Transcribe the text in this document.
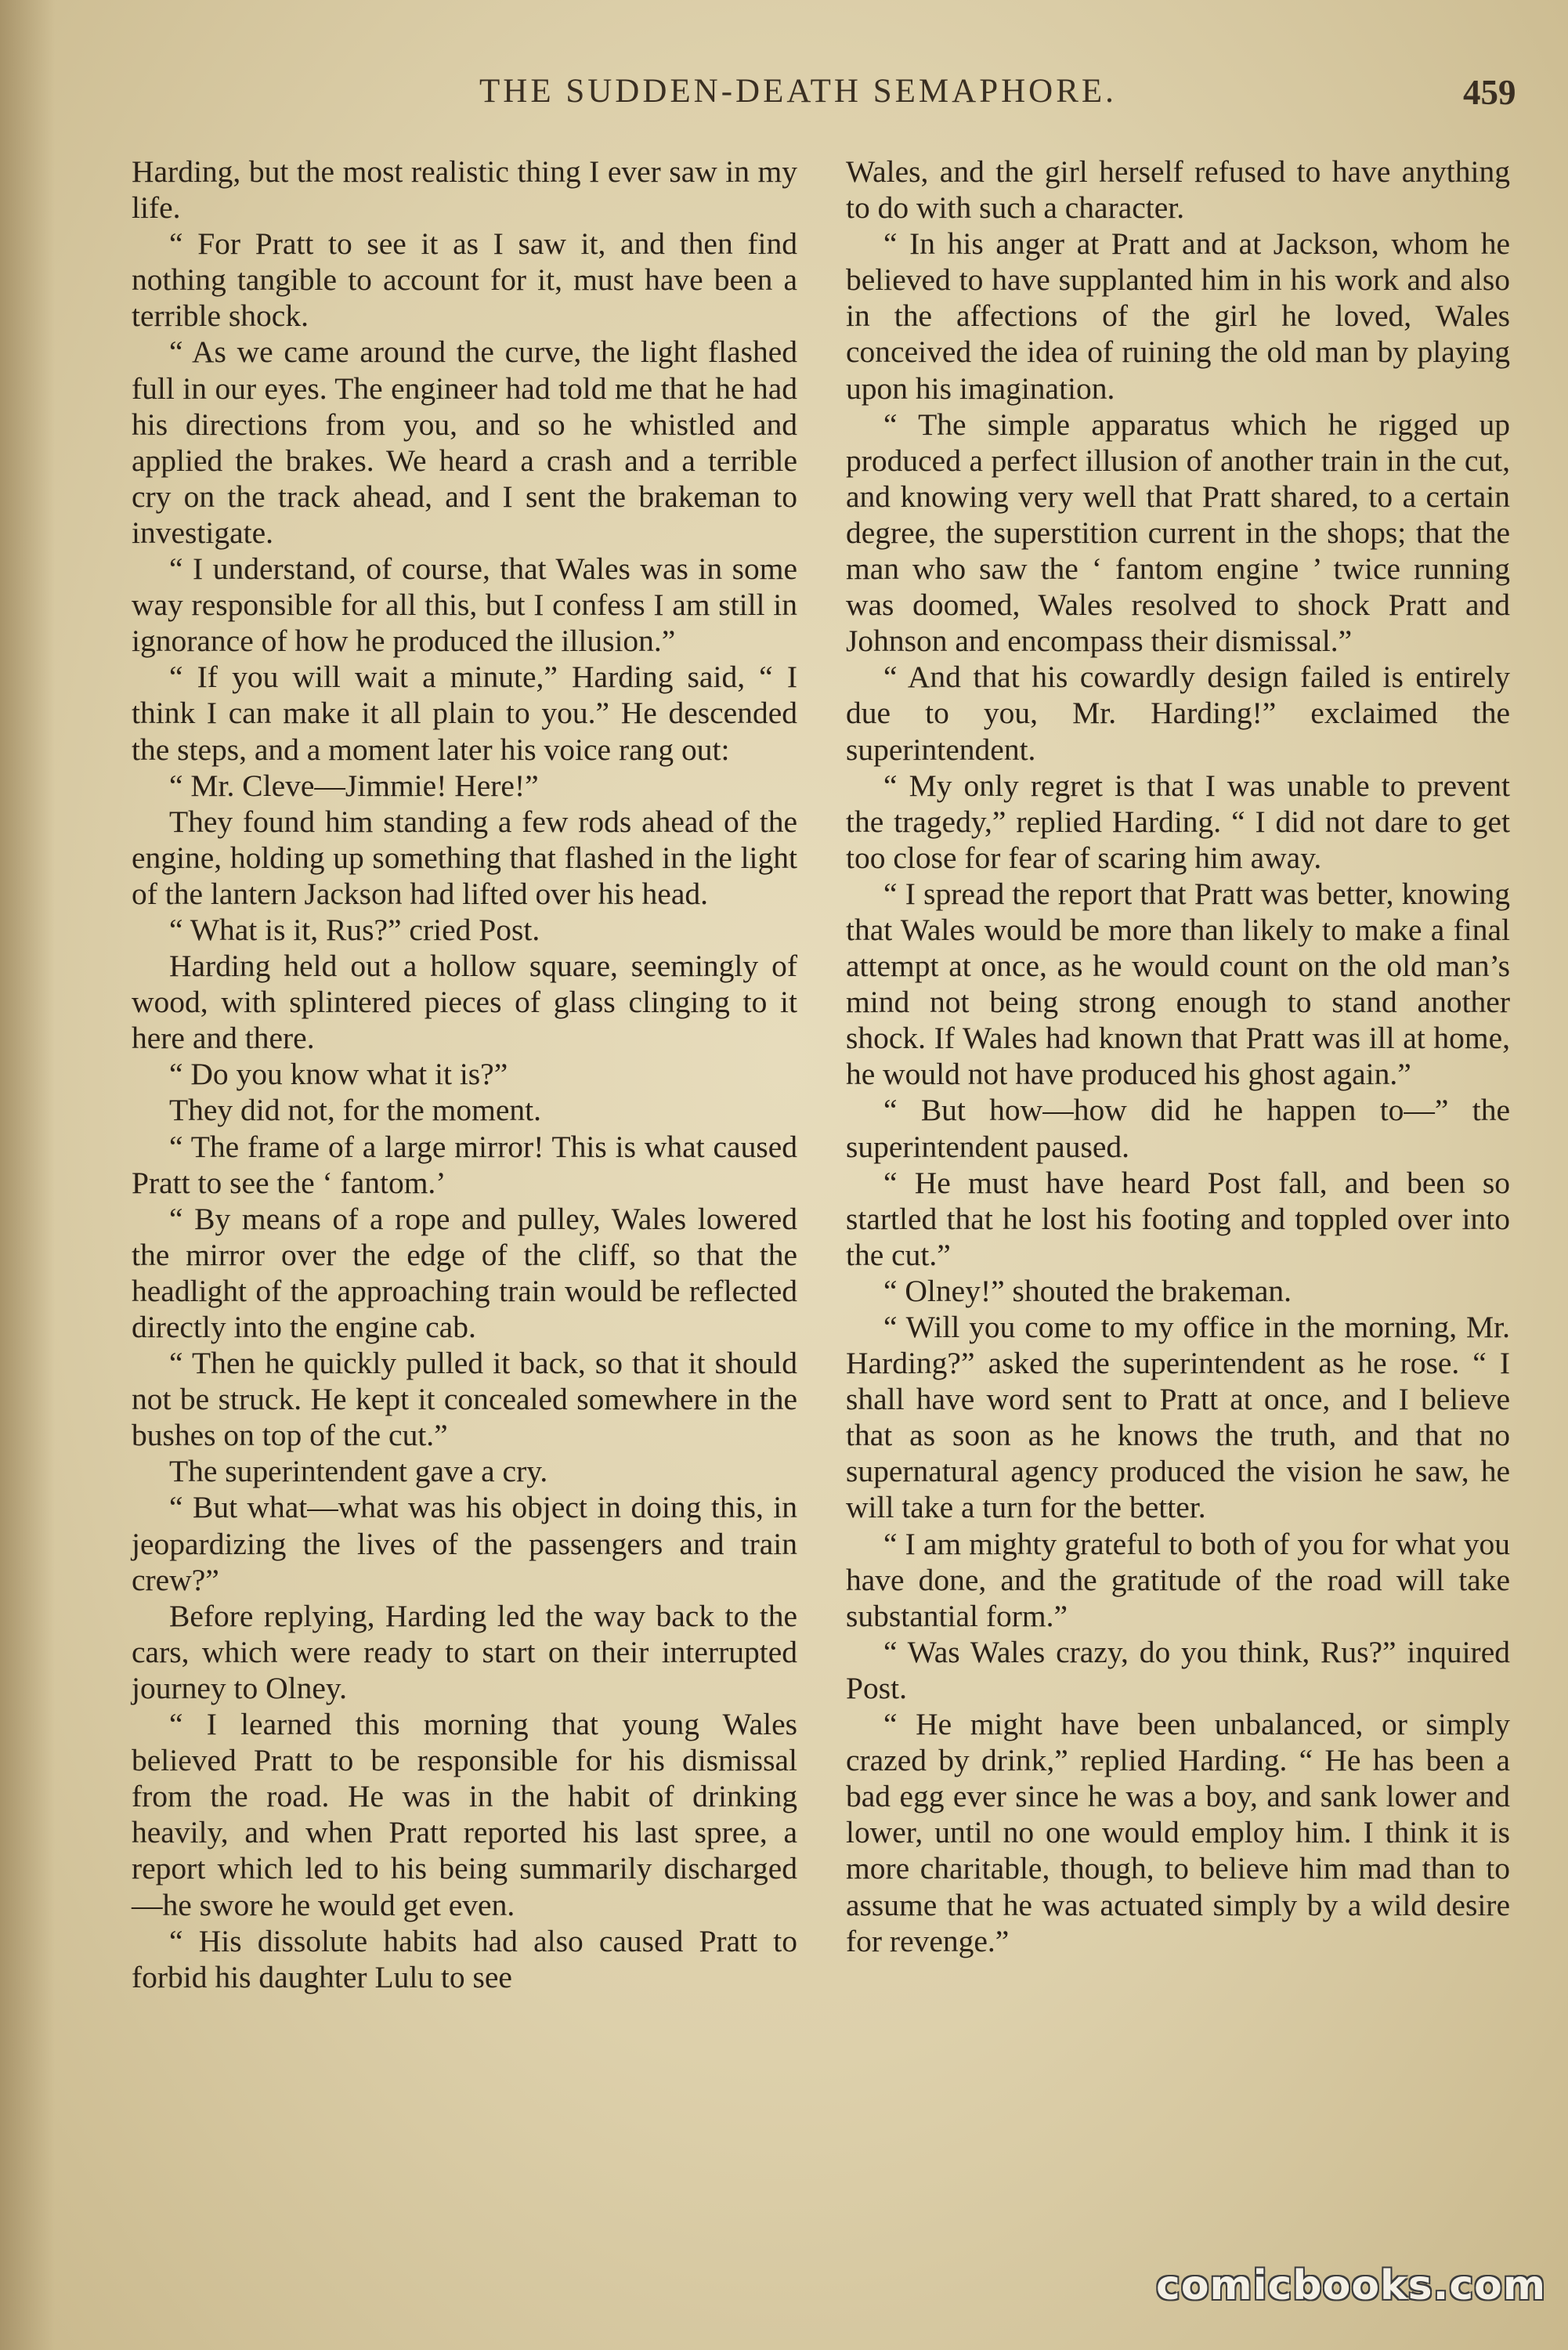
THE SUDDEN-DEATH SEMAPHORE.	459

Harding, but the most realistic thing I ever saw in my life.

“ For Pratt to see it as I saw it, and then find nothing tangible to account for it, must have been a terrible shock.

“ As we came around the curve, the light flashed full in our eyes. The engineer had told me that he had his directions from you, and so he whistled and applied the brakes. We heard a crash and a terrible cry on the track ahead, and I sent the brakeman to investigate.

“ I understand, of course, that Wales was in some way responsible for all this, but I confess I am still in ignorance of how he produced the illusion.”

“ If you will wait a minute,” Harding said, “ I think I can make it all plain to you.” He descended the steps, and a moment later his voice rang out:

“ Mr. Cleve—Jimmie! Here!”

They found him standing a few rods ahead of the engine, holding up something that flashed in the light of the lantern Jackson had lifted over his head.

“ What is it, Rus?” cried Post.

Harding held out a hollow square, seemingly of wood, with splintered pieces of glass clinging to it here and there.

“ Do you know what it is?”

They did not, for the moment.

“ The frame of a large mirror! This is what caused Pratt to see the ‘ fantom.’

“ By means of a rope and pulley, Wales lowered the mirror over the edge of the cliff, so that the headlight of the approaching train would be reflected directly into the engine cab.

“ Then he quickly pulled it back, so that it should not be struck. He kept it concealed somewhere in the bushes on top of the cut.”

The superintendent gave a cry.

“ But what—what was his object in doing this, in jeopardizing the lives of the passengers and train crew?”

Before replying, Harding led the way back to the cars, which were ready to start on their interrupted journey to Olney.

“ I learned this morning that young Wales believed Pratt to be responsible for his dismissal from the road. He was in the habit of drinking heavily, and when Pratt reported his last spree, a report which led to his being summarily discharged—he swore he would get even.

“ His dissolute habits had also caused Pratt to forbid his daughter Lulu to see

Wales, and the girl herself refused to have anything to do with such a character.

“ In his anger at Pratt and at Jackson, whom he believed to have supplanted him in his work and also in the affections of the girl he loved, Wales conceived the idea of ruining the old man by playing upon his imagination.

“ The simple apparatus which he rigged up produced a perfect illusion of another train in the cut, and knowing very well that Pratt shared, to a certain degree, the superstition current in the shops; that the man who saw the ‘ fantom engine ’ twice running was doomed, Wales resolved to shock Pratt and Johnson and encompass their dismissal.”

“ And that his cowardly design failed is entirely due to you, Mr. Harding!” exclaimed the superintendent.

“ My only regret is that I was unable to prevent the tragedy,” replied Harding. “ I did not dare to get too close for fear of scaring him away.

“ I spread the report that Pratt was better, knowing that Wales would be more than likely to make a final attempt at once, as he would count on the old man’s mind not being strong enough to stand another shock. If Wales had known that Pratt was ill at home, he would not have produced his ghost again.”

“ But how—how did he happen to—” the superintendent paused.

“ He must have heard Post fall, and been so startled that he lost his footing and toppled over into the cut.”

“ Olney!” shouted the brakeman.

“ Will you come to my office in the morning, Mr. Harding?” asked the superintendent as he rose. “ I shall have word sent to Pratt at once, and I believe that as soon as he knows the truth, and that no supernatural agency produced the vision he saw, he will take a turn for the better.

“ I am mighty grateful to both of you for what you have done, and the gratitude of the road will take substantial form.”

“ Was Wales crazy, do you think, Rus?” inquired Post.

“ He might have been unbalanced, or simply crazed by drink,” replied Harding. “ He has been a bad egg ever since he was a boy, and sank lower and lower, until no one would employ him. I think it is more charitable, though, to believe him mad than to assume that he was actuated simply by a wild desire for revenge.”

comicbooks.com
